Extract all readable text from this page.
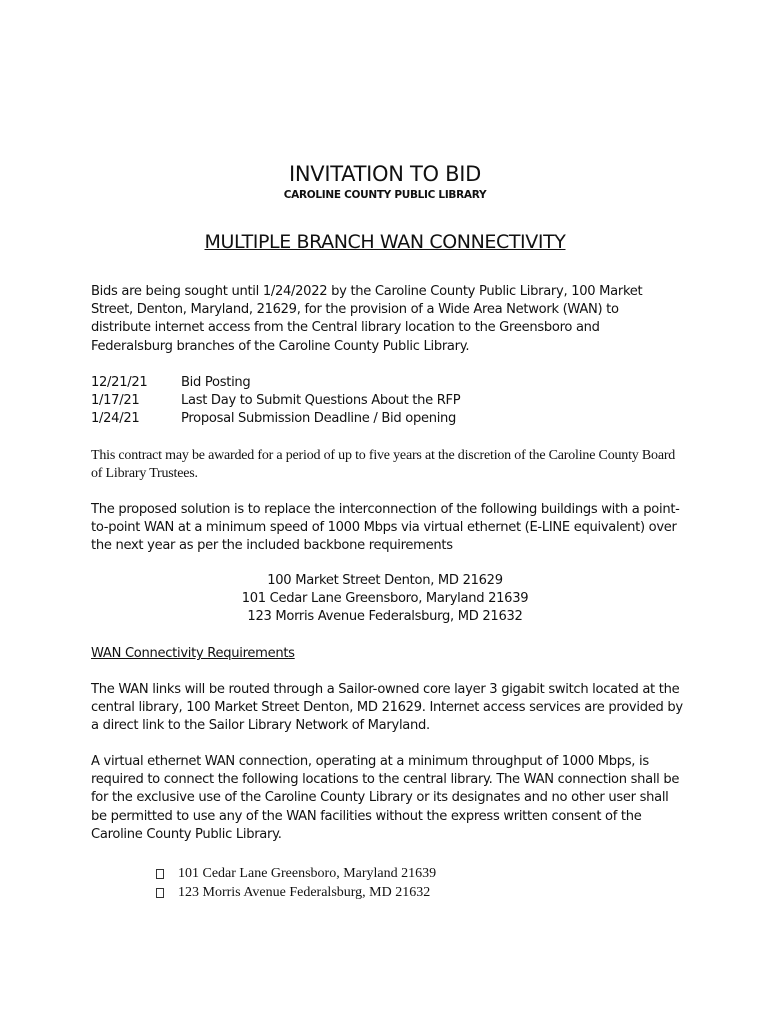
INVITATION TO BID
CAROLINE COUNTY PUBLIC LIBRARY
MULTIPLE BRANCH WAN CONNECTIVITY

Bids are being sought until 1/24/2022 by the Caroline County Public Library, 100 Market Street, Denton, Maryland, 21629, for the provision of a Wide Area Network (WAN) to distribute internet access from the Central library location to the Greensboro and Federalsburg branches of the Caroline County Public Library.

12/21/21	Bid Posting
1/17/21	Last Day to Submit Questions About the RFP
1/24/21	Proposal Submission Deadline / Bid opening

This contract may be awarded for a period of up to five years at the discretion of the Caroline County Board of Library Trustees.

The proposed solution is to replace the interconnection of the following buildings with a point-to-point WAN at a minimum speed of 1000 Mbps via virtual ethernet (E-LINE equivalent) over the next year as per the included backbone requirements

100 Market Street Denton, MD 21629
101 Cedar Lane Greensboro, Maryland 21639
123 Morris Avenue Federalsburg, MD 21632
WAN Connectivity Requirements

The WAN links will be routed through a Sailor-owned core layer 3 gigabit switch located at the central library, 100 Market Street Denton, MD 21629. Internet access services are provided by a direct link to the Sailor Library Network of Maryland.

A virtual ethernet WAN connection, operating at a minimum throughput of 1000 Mbps, is required to connect the following locations to the central library. The WAN connection shall be for the exclusive use of the Caroline County Library or its designates and no other user shall be permitted to use any of the WAN facilities without the express written consent of the Caroline County Public Library.

101 Cedar Lane Greensboro, Maryland 21639
123 Morris Avenue Federalsburg, MD 21632
